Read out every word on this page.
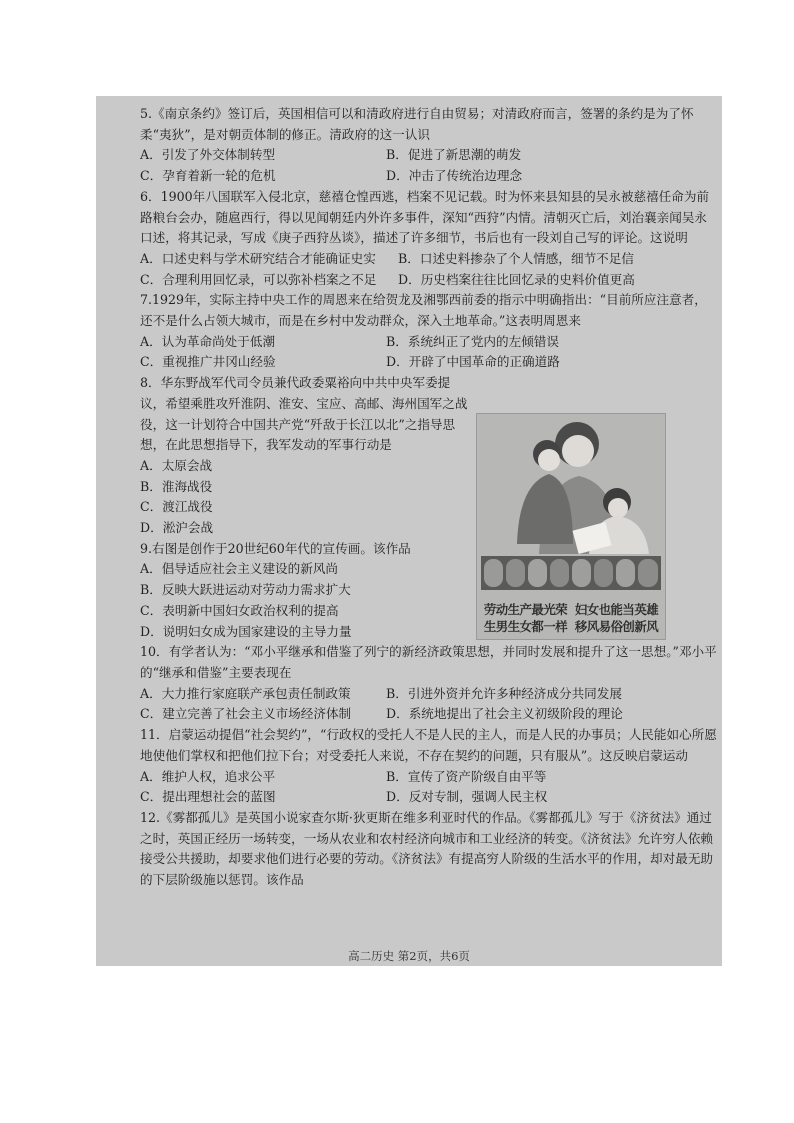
5.《南京条约》签订后，英国相信可以和清政府进行自由贸易；对清政府而言，签署的条约是为了怀柔“夷狄”，是对朝贡体制的修正。清政府的这一认识

A．引发了外交体制转型	B．促进了新思潮的萌发
C．孕育着新一轮的危机	D．冲击了传统治边理念

6．1900年八国联军入侵北京，慈禧仓惶西逃，档案不见记载。时为怀来县知县的吴永被慈禧任命为前路粮台会办，随扈西行，得以见闻朝廷内外许多事件，深知“西狩”内情。清朝灭亡后，刘治襄亲闻吴永口述，将其记录，写成《庚子西狩丛谈》，描述了许多细节，书后也有一段刘自己写的评论。这说明

A．口述史料与学术研究结合才能确证史实	B．口述史料掺杂了个人情感，细节不足信
C．合理利用回忆录，可以弥补档案之不足	D．历史档案往往比回忆录的史料价值更高

7.1929年，实际主持中央工作的周恩来在给贺龙及湘鄂西前委的指示中明确指出：“目前所应注意者，还不是什么占领大城市，而是在乡村中发动群众，深入土地革命。”这表明周恩来

A．认为革命尚处于低潮	B．系统纠正了党内的左倾错误
C．重视推广井冈山经验	D．开辟了中国革命的正确道路

8．华东野战军代司令员兼代政委粟裕向中共中央军委提议，希望乘胜攻歼淮阴、淮安、宝应、高邮、海州国军之战役，这一计划符合中国共产党“歼敌于长江以北”之指导思想，在此思想指导下，我军发动的军事行动是

A．太原会战
B．淮海战役
C．渡江战役
D．淞沪会战

9.右图是创作于20世纪60年代的宣传画。该作品

A．倡导适应社会主义建设的新风尚
B．反映大跃进运动对劳动力需求扩大
C．表明新中国妇女政治权利的提高
D．说明妇女成为国家建设的主导力量

10．有学者认为：“邓小平继承和借鉴了列宁的新经济政策思想，并同时发展和提升了这一思想。”邓小平的“继承和借鉴”主要表现在

A．大力推行家庭联产承包责任制政策	B．引进外资并允许多种经济成分共同发展
C．建立完善了社会主义市场经济体制	D．系统地提出了社会主义初级阶段的理论

11．启蒙运动提倡“社会契约”，“行政权的受托人不是人民的主人，而是人民的办事员；人民能如心所愿地使他们掌权和把他们拉下台；对受委托人来说，不存在契约的问题，只有服从”。这反映启蒙运动

A．维护人权，追求公平	B．宣传了资产阶级自由平等
C．提出理想社会的蓝图	D．反对专制，强调人民主权

12.《雾都孤儿》是英国小说家查尔斯·狄更斯在维多利亚时代的作品。《雾都孤儿》写于《济贫法》通过之时，英国正经历一场转变，一场从农业和农村经济向城市和工业经济的转变。《济贫法》允许穷人依赖接受公共援助，却要求他们进行必要的劳动。《济贫法》有提高穷人阶级的生活水平的作用，却对最无助的下层阶级施以惩罚。该作品

劳动生产最光荣 妇女也能当英雄
生男生女都一样 移风易俗创新风
高二历史 第2页，共6页
